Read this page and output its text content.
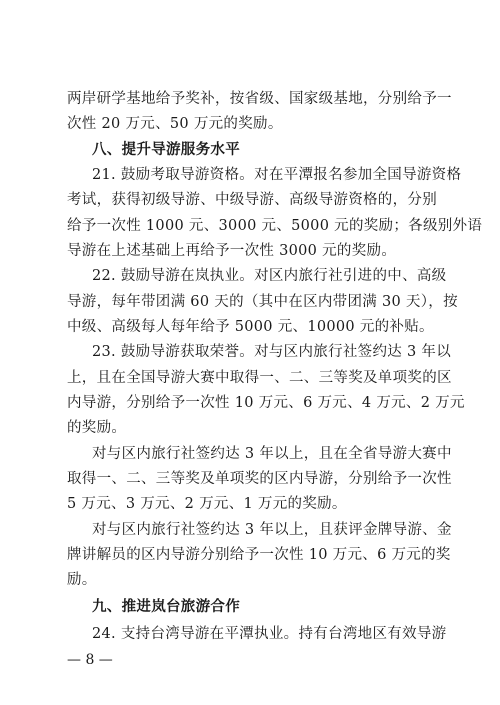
两岸研学基地给予奖补，按省级、国家级基地，分别给予一
次性 20 万元、50 万元的奖励。
八、提升导游服务水平
21. 鼓励考取导游资格。对在平潭报名参加全国导游资格
考试，获得初级导游、中级导游、高级导游资格的，分别
给予一次性 1000 元、3000 元、5000 元的奖励；各级别外语
导游在上述基础上再给予一次性 3000 元的奖励。
22. 鼓励导游在岚执业。对区内旅行社引进的中、高级
导游，每年带团满 60 天的（其中在区内带团满 30 天），按
中级、高级每人每年给予 5000 元、10000 元的补贴。
23. 鼓励导游获取荣誉。对与区内旅行社签约达 3 年以
上，且在全国导游大赛中取得一、二、三等奖及单项奖的区
内导游，分别给予一次性 10 万元、6 万元、4 万元、2 万元
的奖励。
对与区内旅行社签约达 3 年以上，且在全省导游大赛中
取得一、二、三等奖及单项奖的区内导游，分别给予一次性
5 万元、3 万元、2 万元、1 万元的奖励。
对与区内旅行社签约达 3 年以上，且获评金牌导游、金
牌讲解员的区内导游分别给予一次性 10 万元、6 万元的奖
励。
九、推进岚台旅游合作
24. 支持台湾导游在平潭执业。持有台湾地区有效导游
— 8 —
